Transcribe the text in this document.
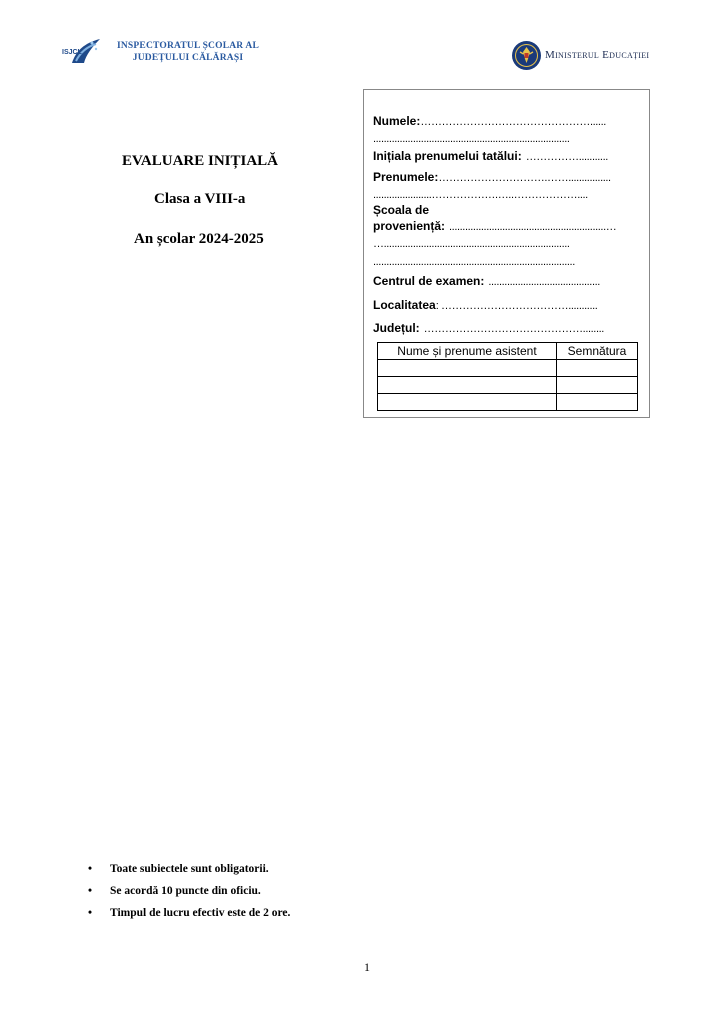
ISJCL
INSPECTORATUL ȘCOLAR AL
JUDEȚULUI CĂLĂRAȘI	Ministerul Educației
EVALUARE INIȚIALĂ
Clasa a VIII-a
An școlar 2024-2025
Numele:…………………………………………......
..........................................................................
Inițiala prenumelui tatălui: ……………...........
Prenumele:………………………….……................
......................……………….…..………………....
Școala de
proveniență: ...........................................................…
…......................................................................
............................................................................
Centrul de examen: ..........................................
Localitatea: ………………………………...........
Județul: ………………………………………........
Nume și prenume asistent	Semnătura

• Toate subiectele sunt obligatorii.
• Se acordă 10 puncte din oficiu.
• Timpul de lucru efectiv este de 2 ore.
1
